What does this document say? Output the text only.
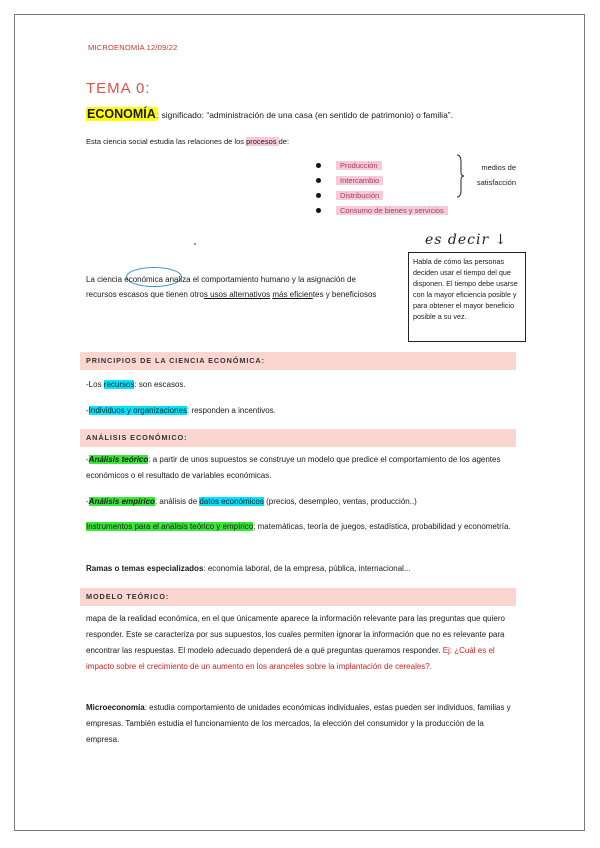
MICROENOMÍA 12/09/22
TEMA 0:
ECONOMÍA: significado: “administración de una casa (en sentido de patrimonio) o familia”.
Esta ciencia social estudia las relaciones de los procesos de:
Producción
Intercambio
Distribución
Consumo de bienes y servicios
medios de
satisfacción
es decir ↓
Habla de cómo las personas deciden usar el tiempo del que disponen. El tiempo debe usarse con la mayor eficiencia posible y para obtener el mayor beneficio posible a su vez.
La ciencia económica analiza el comportamiento humano y la asignación de recursos escasos que tienen otros usos alternativos más eficientes y beneficiosos
PRINCIPIOS DE LA CIENCIA ECONÓMICA:
-Los recursos: son escasos.
-Individuos y organizaciones: responden a incentivos.
ANÁLISIS ECONÓMICO:
-Análisis teórico: a partir de unos supuestos se construye un modelo que predice el comportamiento de los agentes económicos o el resultado de variables económicas.
-Análisis empírico: análisis de datos económicos (precios, desempleo, ventas, producción..)
Instrumentos para el análisis teórico y empírico: matemáticas, teoría de juegos, estadística, probabilidad y econometría.
Ramas o temas especializados: economía laboral, de la empresa, pública, internacional...
MODELO TEÓRICO:
mapa de la realidad económica, en el que únicamente aparece la información relevante para las preguntas que quiero responder. Este se caracteriza por sus supuestos, los cuales permiten ignorar la información que no es relevante para encontrar las respuestas. El modelo adecuado dependerá de a qué preguntas queramos responder. Ej: ¿Cuál es el impacto sobre el crecimiento de un aumento en los aranceles sobre la implantación de cereales?.
Microeconomía: estudia comportamiento de unidades económicas individuales, estas pueden ser individuos, familias y empresas. También estudia el funcionamiento de los mercados, la elección del consumidor y la producción de la empresa.
